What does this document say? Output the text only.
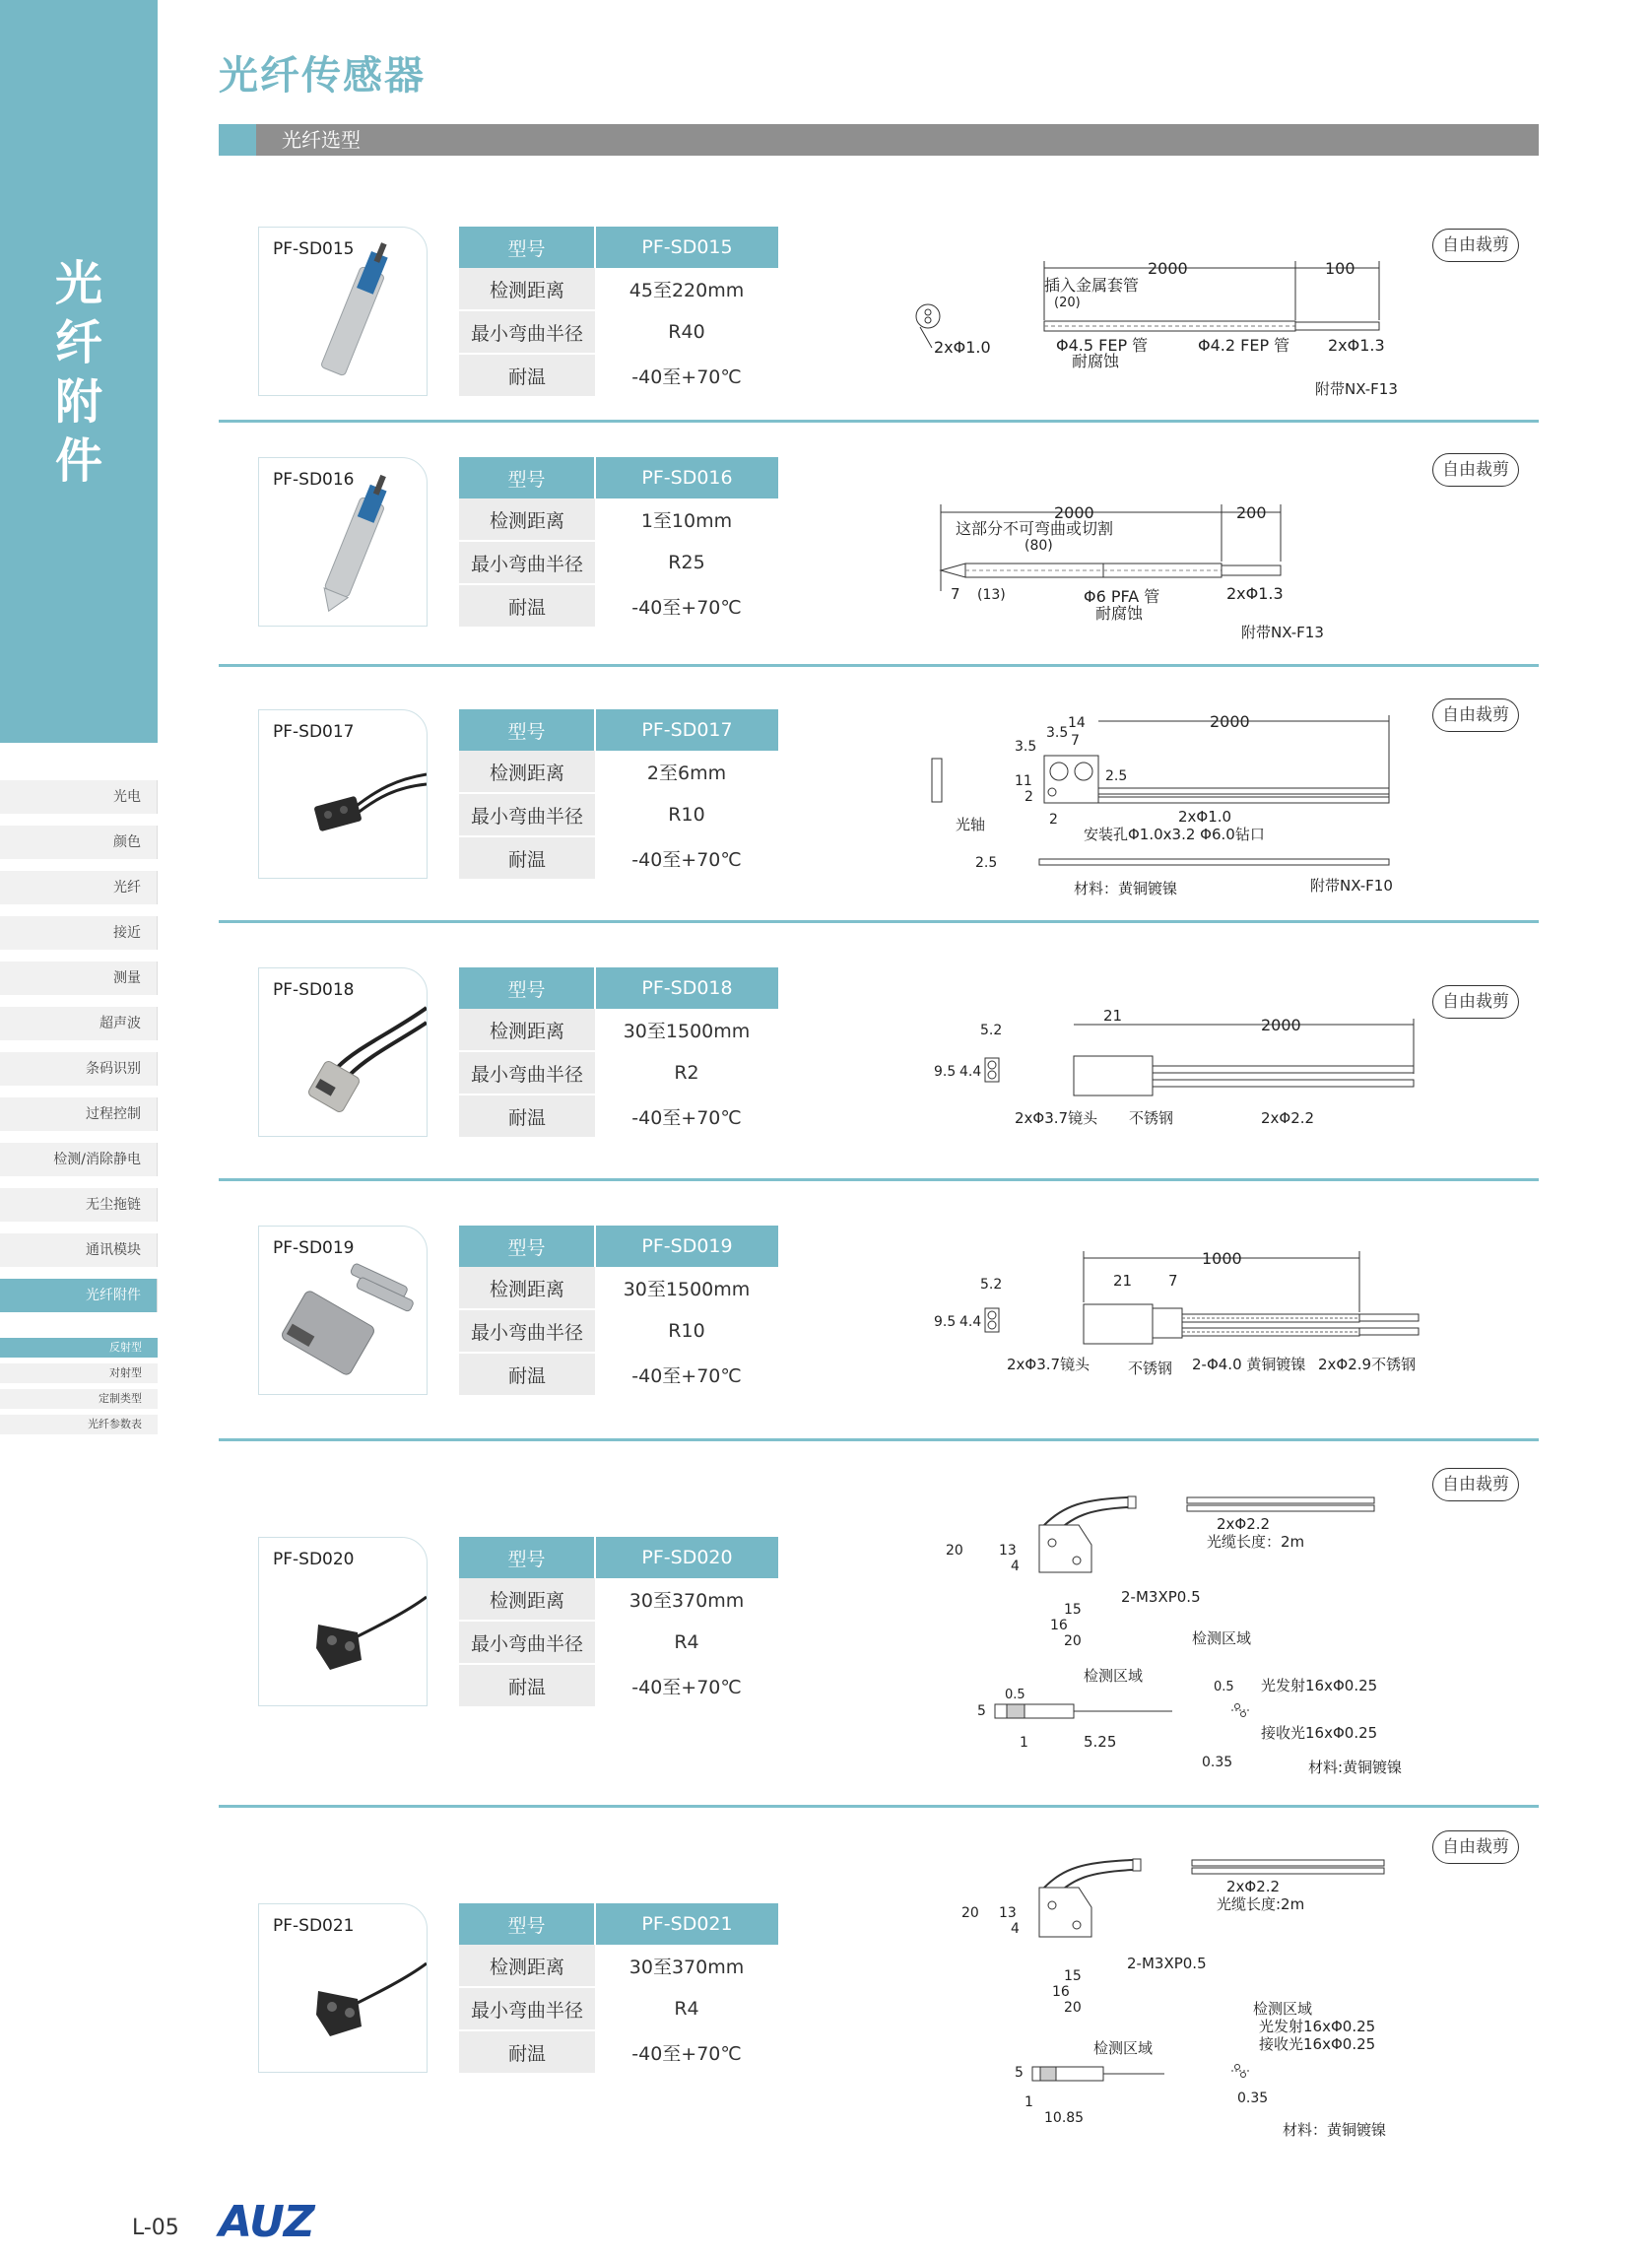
光
纤
附
件
光电
颜色
光纤
接近
测量
超声波
条码识别
过程控制
检测/消除静电
无尘拖链
通讯模块
光纤附件
反射型
对射型
定制类型
光纤参数表
光纤传感器
光纤选型
PF-SD015	型号	PF-SD015
检测距离	45至220mm
最小弯曲半径	R40
耐温	-40至+70℃
自由裁剪
2000	100
插入金属套管
(20)
2xΦ1.0	Φ4.5 FEP 管
耐腐蚀
Φ4.2 FEP 管 2xΦ1.3
附带NX-F13
PF-SD016	型号	PF-SD016
检测距离	1至10mm
最小弯曲半径	R25
耐温	-40至+70℃
自由裁剪
2000	200
这部分不可弯曲或切割
(80)
7 (13)	Φ6 PFA 管
耐腐蚀
2xΦ1.3
附带NX-F13
PF-SD017	型号	PF-SD017
检测距离	2至6mm
最小弯曲半径	R10
耐温	-40至+70℃
自由裁剪
光轴
3.5
3.5
14
7
2000
11
2
2.5
2	2xΦ1.0
安装孔Φ1.0x3.2 Φ6.0钻口
2.5
材料：黄铜镀镍	附带NX-F10
PF-SD018	型号	PF-SD018
检测距离	30至1500mm
最小弯曲半径	R2
耐温	-40至+70℃
自由裁剪
5.2
9.5 4.4
21	2000
2xΦ3.7镜头 不锈钢	2xΦ2.2
PF-SD019	型号	PF-SD019
检测距离	30至1500mm
最小弯曲半径	R10
耐温	-40至+70℃
5.2
9.5 4.4
1000
21 7
2xΦ3.7镜头	不锈钢 2-Φ4.0 黄铜镀镍 2xΦ2.9不锈钢
PF-SD020	型号	PF-SD020
检测距离	30至370mm
最小弯曲半径	R4
耐温	-40至+70℃
自由裁剪
2xΦ2.2
光缆长度：2m
20	13
4
2-M3XP0.5
15
16
20	检测区域
检测区域
0.5
5
1	5.25
0.5 光发射16xΦ0.25
接收光16xΦ0.25
0.35	材料:黄铜镀镍
PF-SD021	型号	PF-SD021
检测距离	30至370mm
最小弯曲半径	R4
耐温	-40至+70℃
自由裁剪
2xΦ2.2
光缆长度:2m
20 13
4
2-M3XP0.5
15
16
20	检测区域
光发射16xΦ0.25
接收光16xΦ0.25
检测区域
5
1
10.85
0.35
材料：黄铜镀镍
L-05 AUZ
